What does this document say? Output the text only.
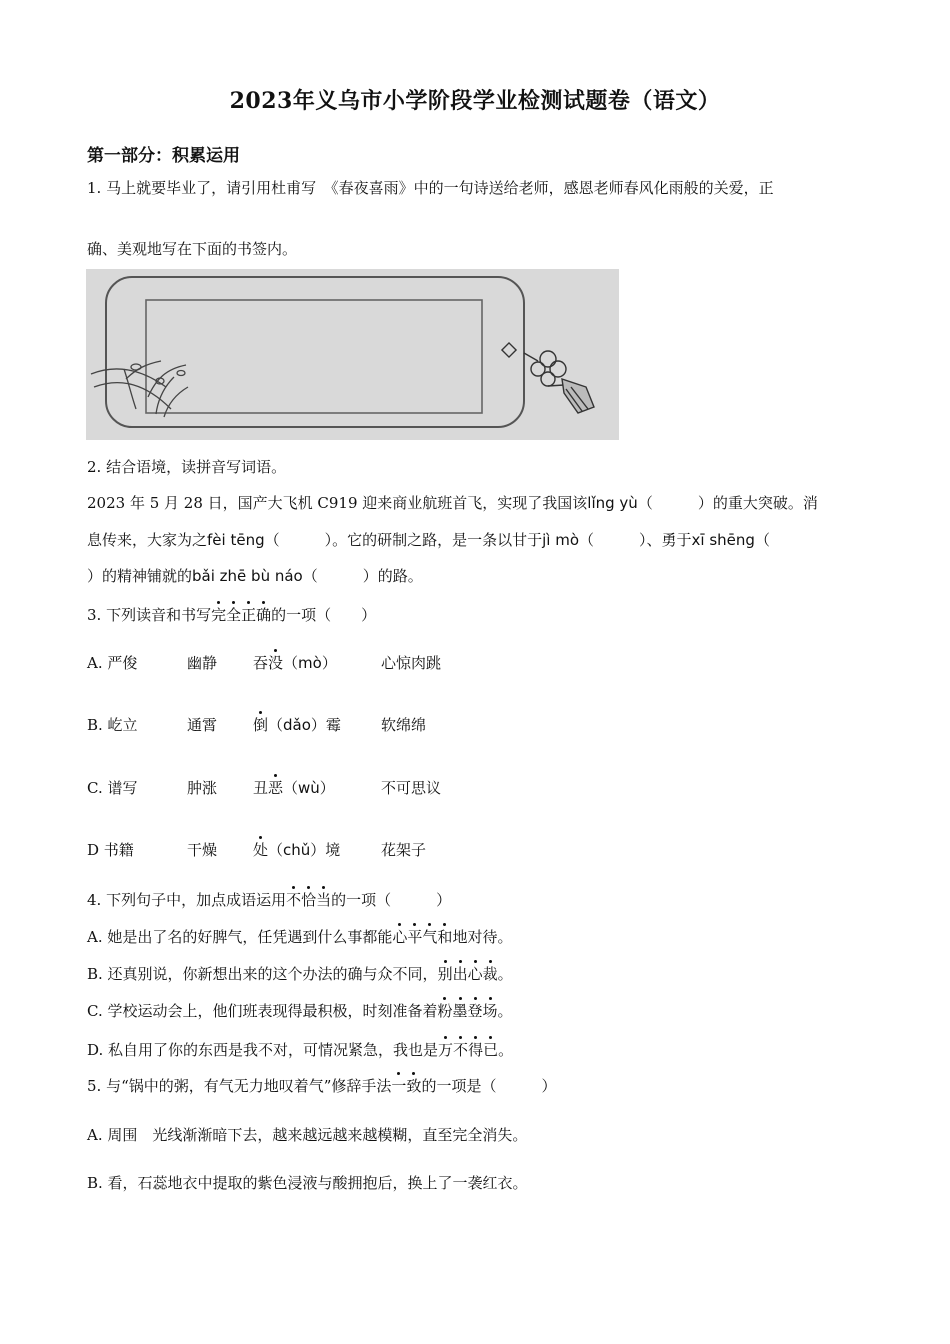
2023年义乌市小学阶段学业检测试题卷（语文）
第一部分：积累运用
1. 马上就要毕业了，请引用杜甫写　《春夜喜雨》中的一句诗送给老师，感恩老师春风化雨般的关爱，正
确、美观地写在下面的书签内。
2. 结合语境，读拼音写词语。
2023 年 5 月 28 日，国产大飞机 C919 迎来商业航班首飞，实现了我国该lǐng yù（　　　）的重大突破。消
息传来，大家为之fèi tēng（　　　）。它的研制之路，是一条以甘于jì mò（　　　）、勇于xī shēng（
）的精神铺就的bǎi zhē bù náo（　　　）的路。
3. 下列读音和书写完全正确的一项（　　）
A. 严俊	幽静 吞没（mò）	心惊肉跳
B. 屹立	通霄 倒（dǎo）霉	软绵绵
C. 谱写	肿涨 丑恶（wù）	不可思议
D 书籍	干燥 处（chǔ）境	花架子
4. 下列句子中，加点成语运用不恰当的一项（　　　）
A. 她是出了名的好脾气，任凭遇到什么事都能心平气和地对待。
B. 还真别说，你新想出来的这个办法的确与众不同，别出心裁。
C. 学校运动会上，他们班表现得最积极，时刻准备着粉墨登场。
D. 私自用了你的东西是我不对，可情况紧急，我也是万不得已。
5. 与“锅中的粥，有气无力地叹着气”修辞手法一致的一项是（　　　）
A. 周围　光线渐渐暗下去，越来越远越来越模糊，直至完全消失。
B. 看，石蕊地衣中提取的紫色浸液与酸拥抱后，换上了一袭红衣。
